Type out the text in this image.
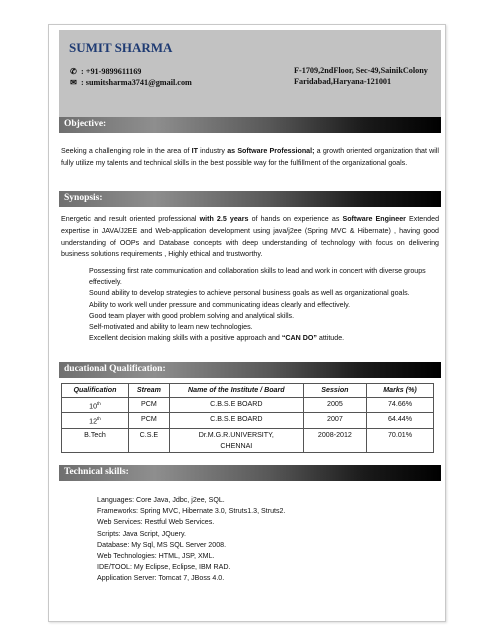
SUMIT SHARMA
✆ : +91-9899611169
✉ : sumitsharma3741@gmail.com
F-1709,2ndFloor, Sec-49,SainikColony
Faridabad,Haryana-121001
Objective:
Seeking a challenging role in the area of IT industry as Software Professional; a growth oriented organization that will fully utilize my talents and technical skills in the best possible way for the fulfillment of the organizational goals.
Synopsis:
Energetic and result oriented professional with 2.5 years of hands on experience as Software Engineer Extended expertise in JAVA/J2EE and Web-application development using java/j2ee (Spring MVC & Hibernate) , having good understanding of OOPs and Database concepts with deep understanding of technology with focus on delivering business solutions requirements , Highly ethical and trustworthy.
Possessing first rate communication and collaboration skills to lead and work in concert with diverse groups effectively.
Sound ability to develop strategies to achieve personal business goals as well as organizational goals.
Ability to work well under pressure and communicating ideas clearly and effectively.
Good team player with good problem solving and analytical skills.
Self-motivated and ability to learn new technologies.
Excellent decision making skills with a positive approach and “CAN DO” attitude.
ducational Qualification:
Qualification	Stream	Name of the Institute / Board	Session	Marks (%)
10th	PCM	C.B.S.E BOARD	2005	74.66%
12th	PCM	C.B.S.E BOARD	2007	64.44%
B.Tech	C.S.E	Dr.M.G.R.UNIVERSITY, CHENNAI	2008-2012	70.01%
Technical skills:
Languages: Core Java, Jdbc, j2ee, SQL.
Frameworks: Spring MVC, Hibernate 3.0, Struts1.3, Struts2.
Web Services: Restful Web Services.
Scripts: Java Script, JQuery.
Database: My Sql, MS SQL Server 2008.
Web Technologies: HTML, JSP, XML.
IDE/TOOL: My Eclipse, Eclipse, IBM RAD.
Application Server: Tomcat 7, JBoss 4.0.
